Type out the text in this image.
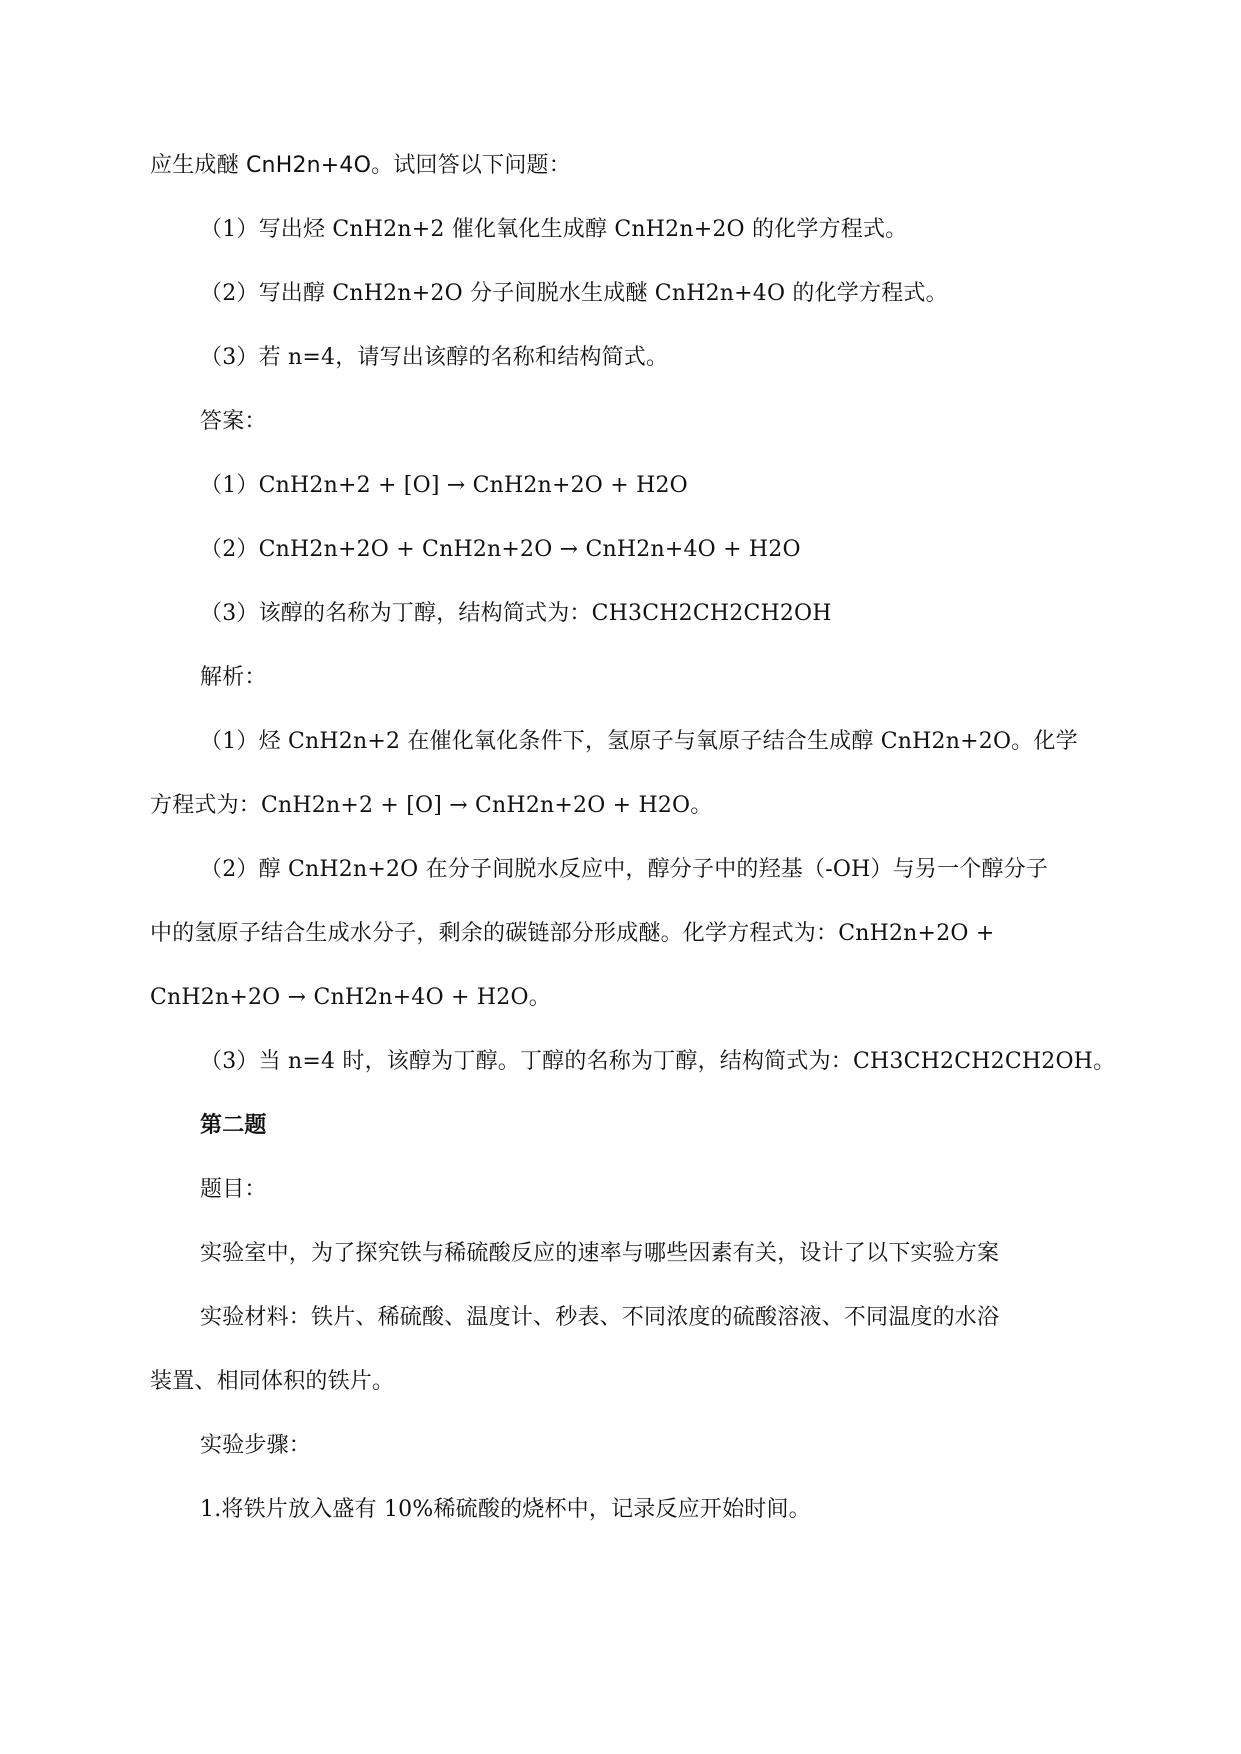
应生成醚 CnH2n+4O。试回答以下问题：
（1）写出烃 CnH2n+2 催化氧化生成醇 CnH2n+2O 的化学方程式。
（2）写出醇 CnH2n+2O 分子间脱水生成醚 CnH2n+4O 的化学方程式。
（3）若 n=4，请写出该醇的名称和结构简式。
答案：
（1）CnH2n+2 + [O] → CnH2n+2O + H2O
（2）CnH2n+2O + CnH2n+2O → CnH2n+4O + H2O
（3）该醇的名称为丁醇，结构简式为：CH3CH2CH2CH2OH
解析：
（1）烃 CnH2n+2 在催化氧化条件下，氢原子与氧原子结合生成醇 CnH2n+2O。化学
方程式为：CnH2n+2 + [O] → CnH2n+2O + H2O。
（2）醇 CnH2n+2O 在分子间脱水反应中，醇分子中的羟基（-OH）与另一个醇分子
中的氢原子结合生成水分子，剩余的碳链部分形成醚。化学方程式为：CnH2n+2O +
CnH2n+2O → CnH2n+4O + H2O。
（3）当 n=4 时，该醇为丁醇。丁醇的名称为丁醇，结构简式为：CH3CH2CH2CH2OH。
第二题
题目：
实验室中，为了探究铁与稀硫酸反应的速率与哪些因素有关，设计了以下实验方案
实验材料：铁片、稀硫酸、温度计、秒表、不同浓度的硫酸溶液、不同温度的水浴
装置、相同体积的铁片。
实验步骤：
1.将铁片放入盛有 10%稀硫酸的烧杯中，记录反应开始时间。
